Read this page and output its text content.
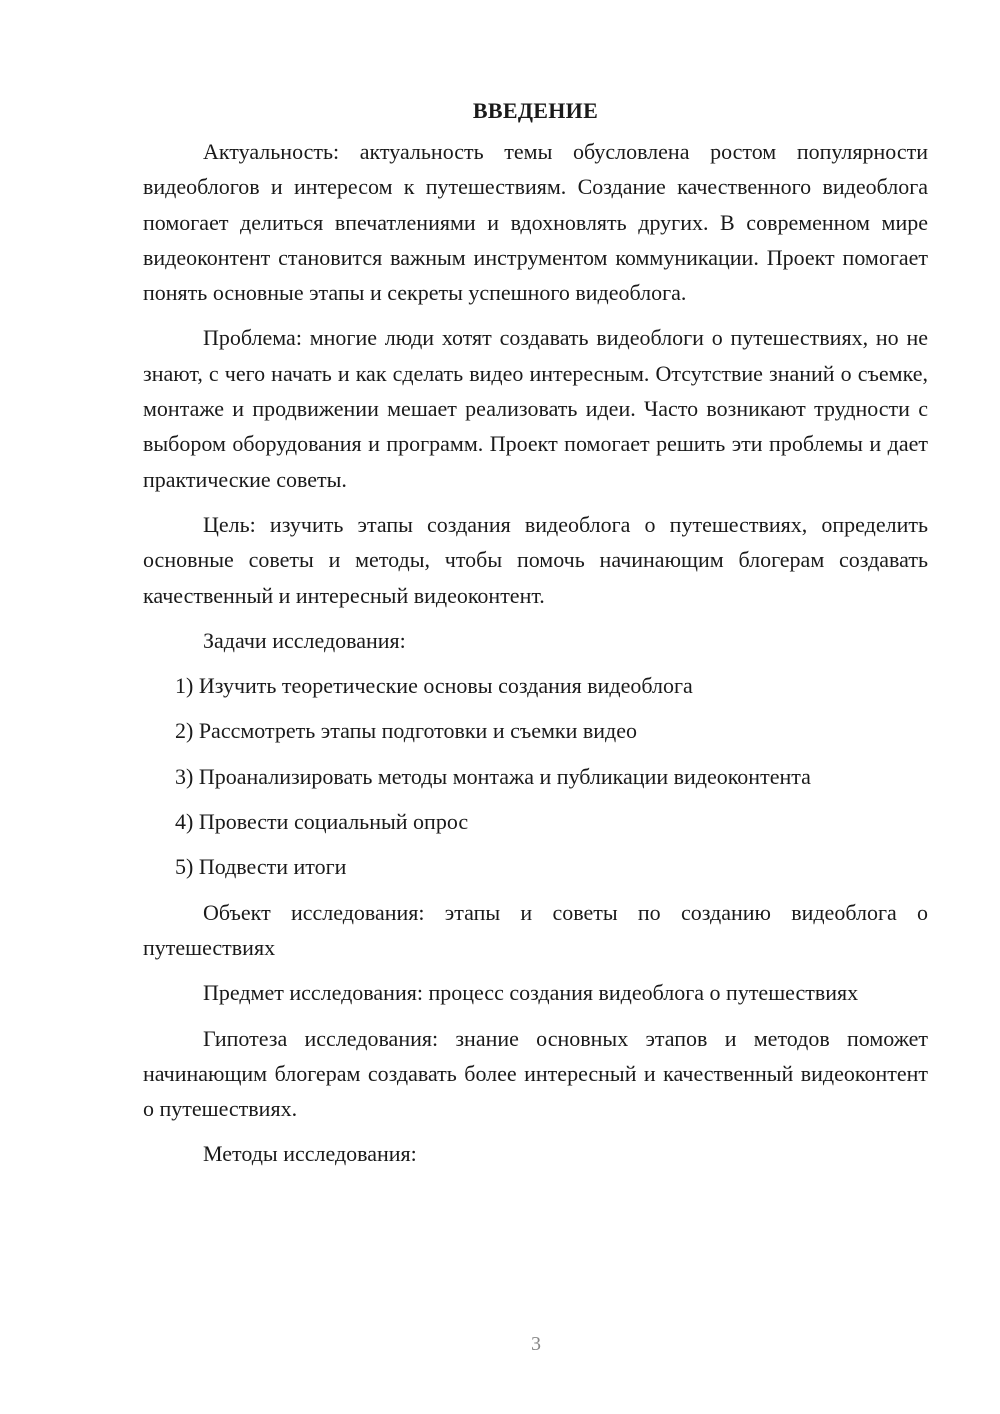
ВВЕДЕНИЕ

Актуальность: актуальность темы обусловлена ростом популярности видеоблогов и интересом к путешествиям. Создание качественного видеоблога помогает делиться впечатлениями и вдохновлять других. В современном мире видеоконтент становится важным инструментом коммуникации. Проект помогает понять основные этапы и секреты успешного видеоблога.

Проблема: многие люди хотят создавать видеоблоги о путешествиях, но не знают, с чего начать и как сделать видео интересным. Отсутствие знаний о съемке, монтаже и продвижении мешает реализовать идеи. Часто возникают трудности с выбором оборудования и программ. Проект помогает решить эти проблемы и дает практические советы.

Цель: изучить этапы создания видеоблога о путешествиях, определить основные советы и методы, чтобы помочь начинающим блогерам создавать качественный и интересный видеоконтент.

Задачи исследования:

1) Изучить теоретические основы создания видеоблога
2) Рассмотреть этапы подготовки и съемки видео
3) Проанализировать методы монтажа и публикации видеоконтента
4) Провести социальный опрос
5) Подвести итоги

Объект исследования: этапы и советы по созданию видеоблога о путешествиях

Предмет исследования: процесс создания видеоблога о путешествиях

Гипотеза исследования: знание основных этапов и методов поможет начинающим блогерам создавать более интересный и качественный видеоконтент о путешествиях.

Методы исследования:

3
